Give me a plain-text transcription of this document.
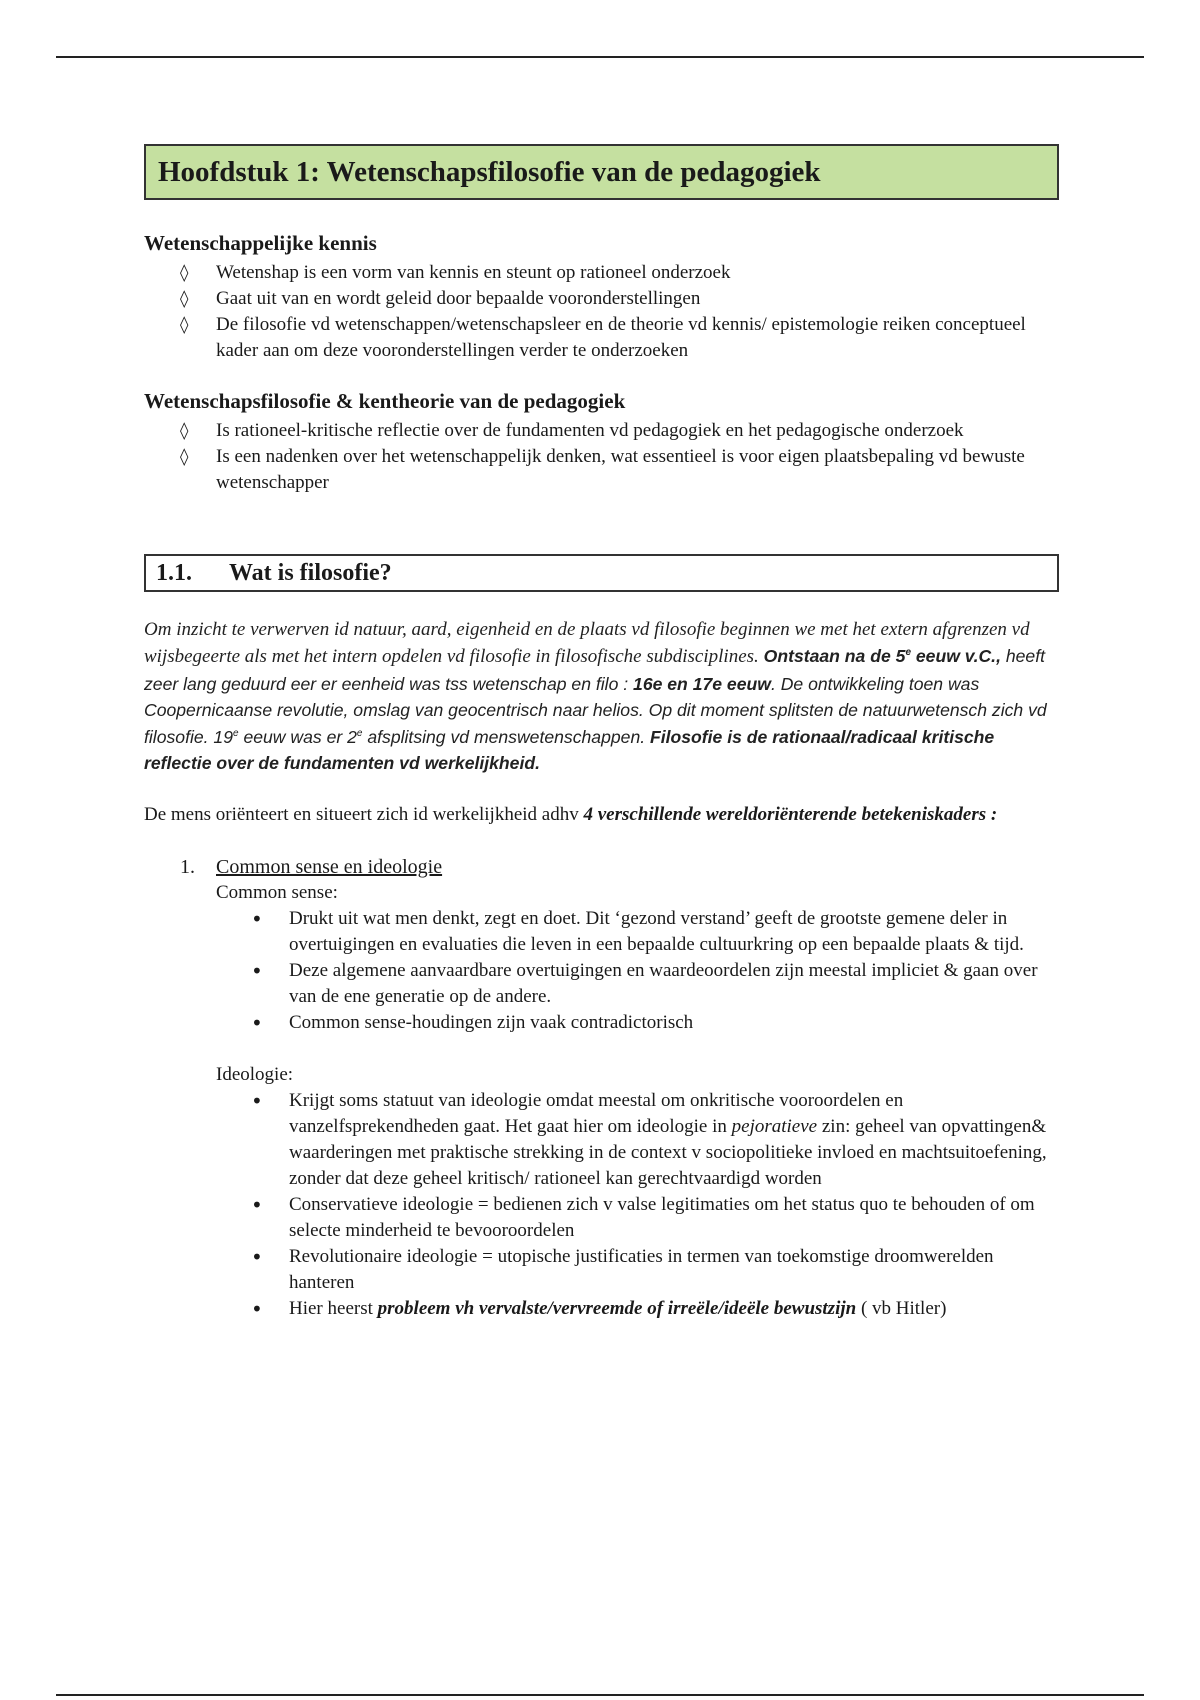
Hoofdstuk 1: Wetenschapsfilosofie van de pedagogiek
Wetenschappelijke kennis
◊ Wetenshap is een vorm van kennis en steunt op rationeel onderzoek
◊ Gaat uit van en wordt geleid door bepaalde vooronderstellingen
◊ De filosofie vd wetenschappen/wetenschapsleer en de theorie vd kennis/ epistemologie reiken conceptueel kader aan om deze vooronderstellingen verder te onderzoeken
Wetenschapsfilosofie & kentheorie van de pedagogiek
◊ Is rationeel-kritische reflectie over de fundamenten vd pedagogiek en het pedagogische onderzoek
◊ Is een nadenken over het wetenschappelijk denken, wat essentieel is voor eigen plaatsbepaling vd bewuste wetenschapper
1.1.	Wat is filosofie?
Om inzicht te verwerven id natuur, aard, eigenheid en de plaats vd filosofie beginnen we met het extern afgrenzen vd wijsbegeerte als met het intern opdelen vd filosofie in filosofische subdisciplines. Ontstaan na de 5e eeuw v.C., heeft zeer lang geduurd eer er eenheid was tss wetenschap en filo : 16e en 17e eeuw. De ontwikkeling toen was Coopernicaanse revolutie, omslag van geocentrisch naar helios. Op dit moment splitsten de natuurwetensch zich vd filosofie. 19e eeuw was er 2e afsplitsing vd menswetenschappen. Filosofie is de rationaal/radicaal kritische reflectie over de fundamenten vd werkelijkheid.
De mens oriënteert en situeert zich id werkelijkheid adhv 4 verschillende wereldoriënterende betekeniskaders :
1. Common sense en ideologie
Common sense:
• Drukt uit wat men denkt, zegt en doet. Dit ‘gezond verstand’ geeft de grootste gemene deler in overtuigingen en evaluaties die leven in een bepaalde cultuurkring op een bepaalde plaats & tijd.
• Deze algemene aanvaardbare overtuigingen en waardeoordelen zijn meestal impliciet & gaan over van de ene generatie op de andere.
• Common sense-houdingen zijn vaak contradictorisch
Ideologie:
• Krijgt soms statuut van ideologie omdat meestal om onkritische vooroordelen en vanzelfsprekendheden gaat. Het gaat hier om ideologie in pejoratieve zin: geheel van opvattingen& waarderingen met praktische strekking in de context v sociopolitieke invloed en machtsuitoefening, zonder dat deze geheel kritisch/ rationeel kan gerechtvaardigd worden
• Conservatieve ideologie = bedienen zich v valse legitimaties om het status quo te behouden of om selecte minderheid te bevooroordelen
• Revolutionaire ideologie = utopische justificaties in termen van toekomstige droomwerelden hanteren
• Hier heerst probleem vh vervalste/vervreemde of irreële/ideële bewustzijn ( vb Hitler)
